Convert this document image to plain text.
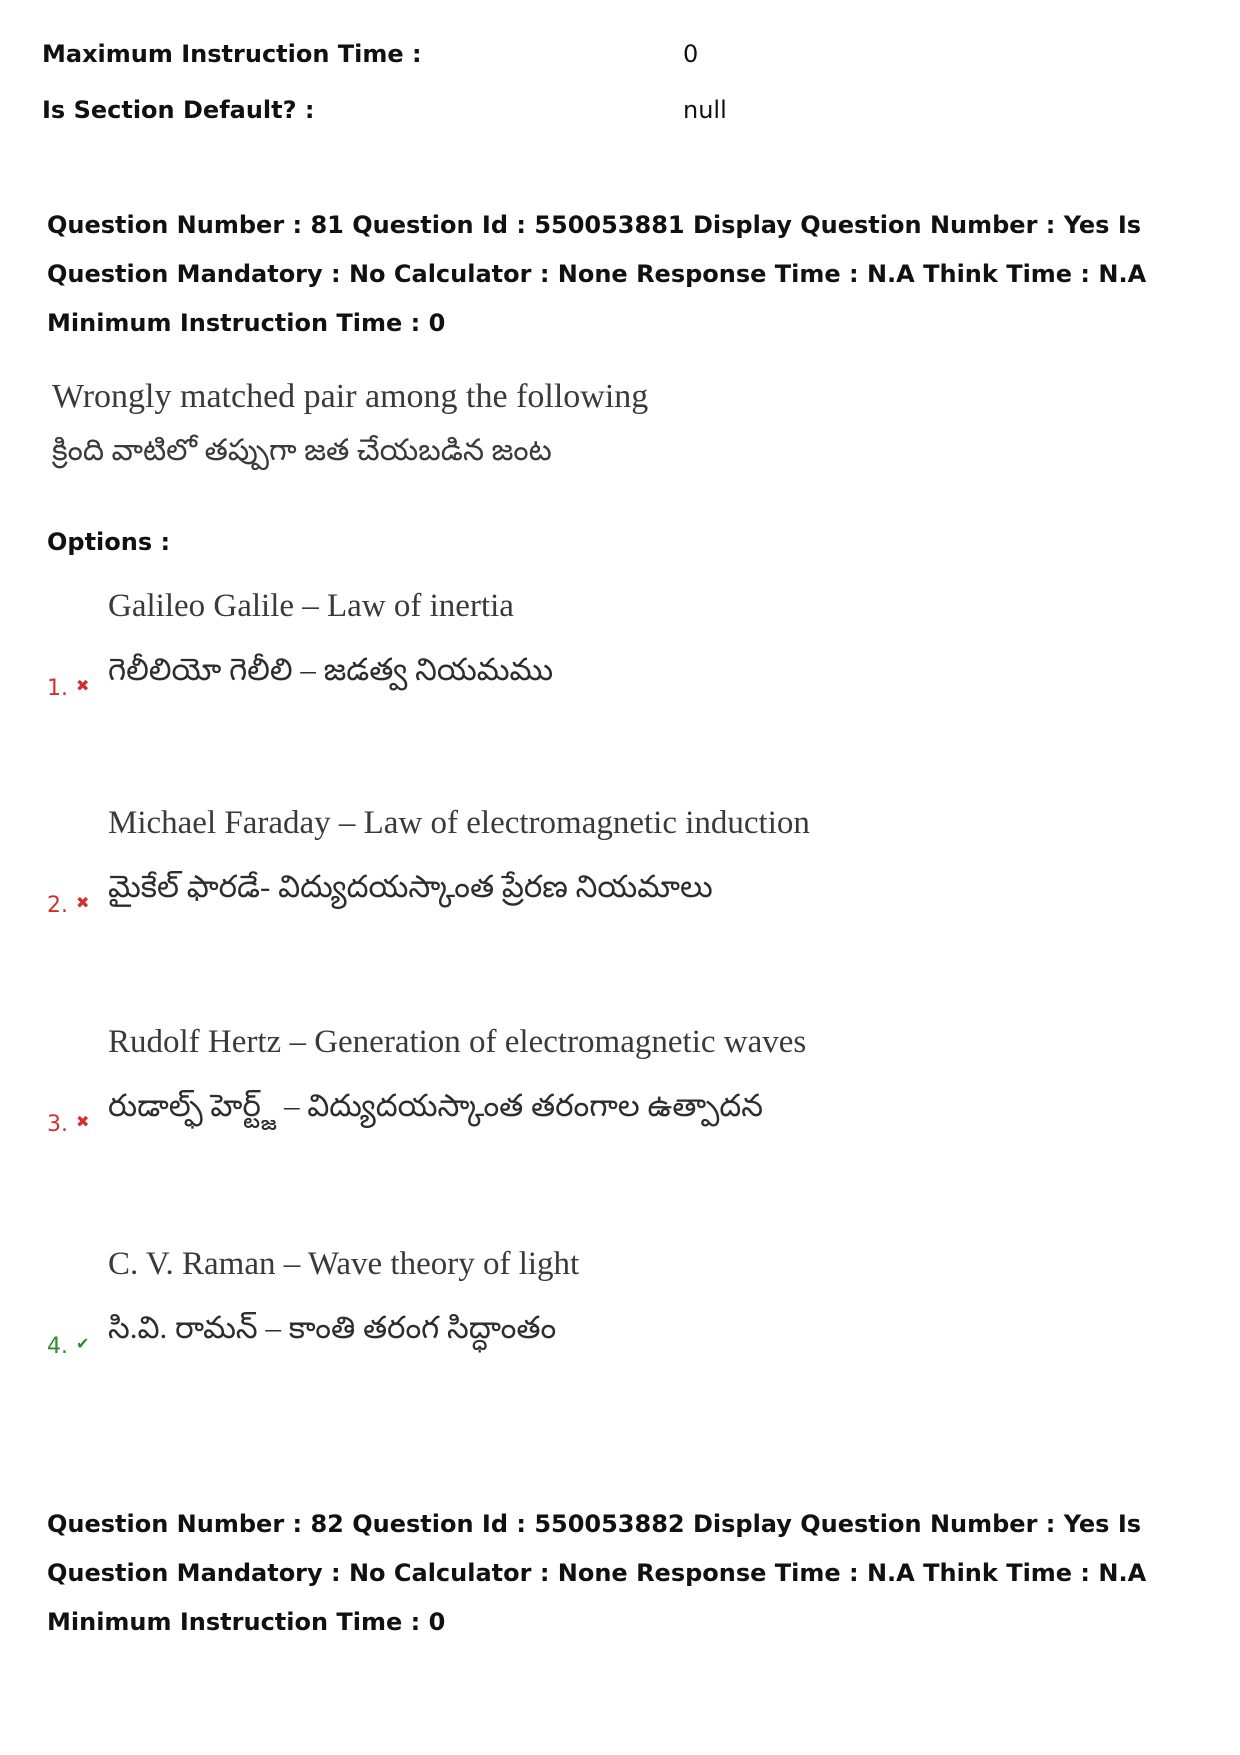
Maximum Instruction Time :	0
Is Section Default? :	null
Question Number : 81 Question Id : 550053881 Display Question Number : Yes Is Question Mandatory : No Calculator : None Response Time : N.A Think Time : N.A Minimum Instruction Time : 0
Wrongly matched pair among the following
క్రింది వాటిలో తప్పుగా జత చేయబడిన జంట
Options :
Galileo Galile – Law of inertia
గెలీలియో గెలీలి – జడత్వ నియమము
1. ✖
Michael Faraday – Law of electromagnetic induction
మైకేల్ ఫారడే- విద్యుదయస్కాంత ప్రేరణ నియమాలు
2. ✖
Rudolf Hertz – Generation of electromagnetic waves
రుడాల్ఫ్ హెర్ట్జ్ – విద్యుదయస్కాంత తరంగాల ఉత్పాదన
3. ✖
C. V. Raman – Wave theory of light
సి.వి. రామన్ – కాంతి తరంగ సిద్ధాంతం
4. ✔
Question Number : 82 Question Id : 550053882 Display Question Number : Yes Is Question Mandatory : No Calculator : None Response Time : N.A Think Time : N.A Minimum Instruction Time : 0
